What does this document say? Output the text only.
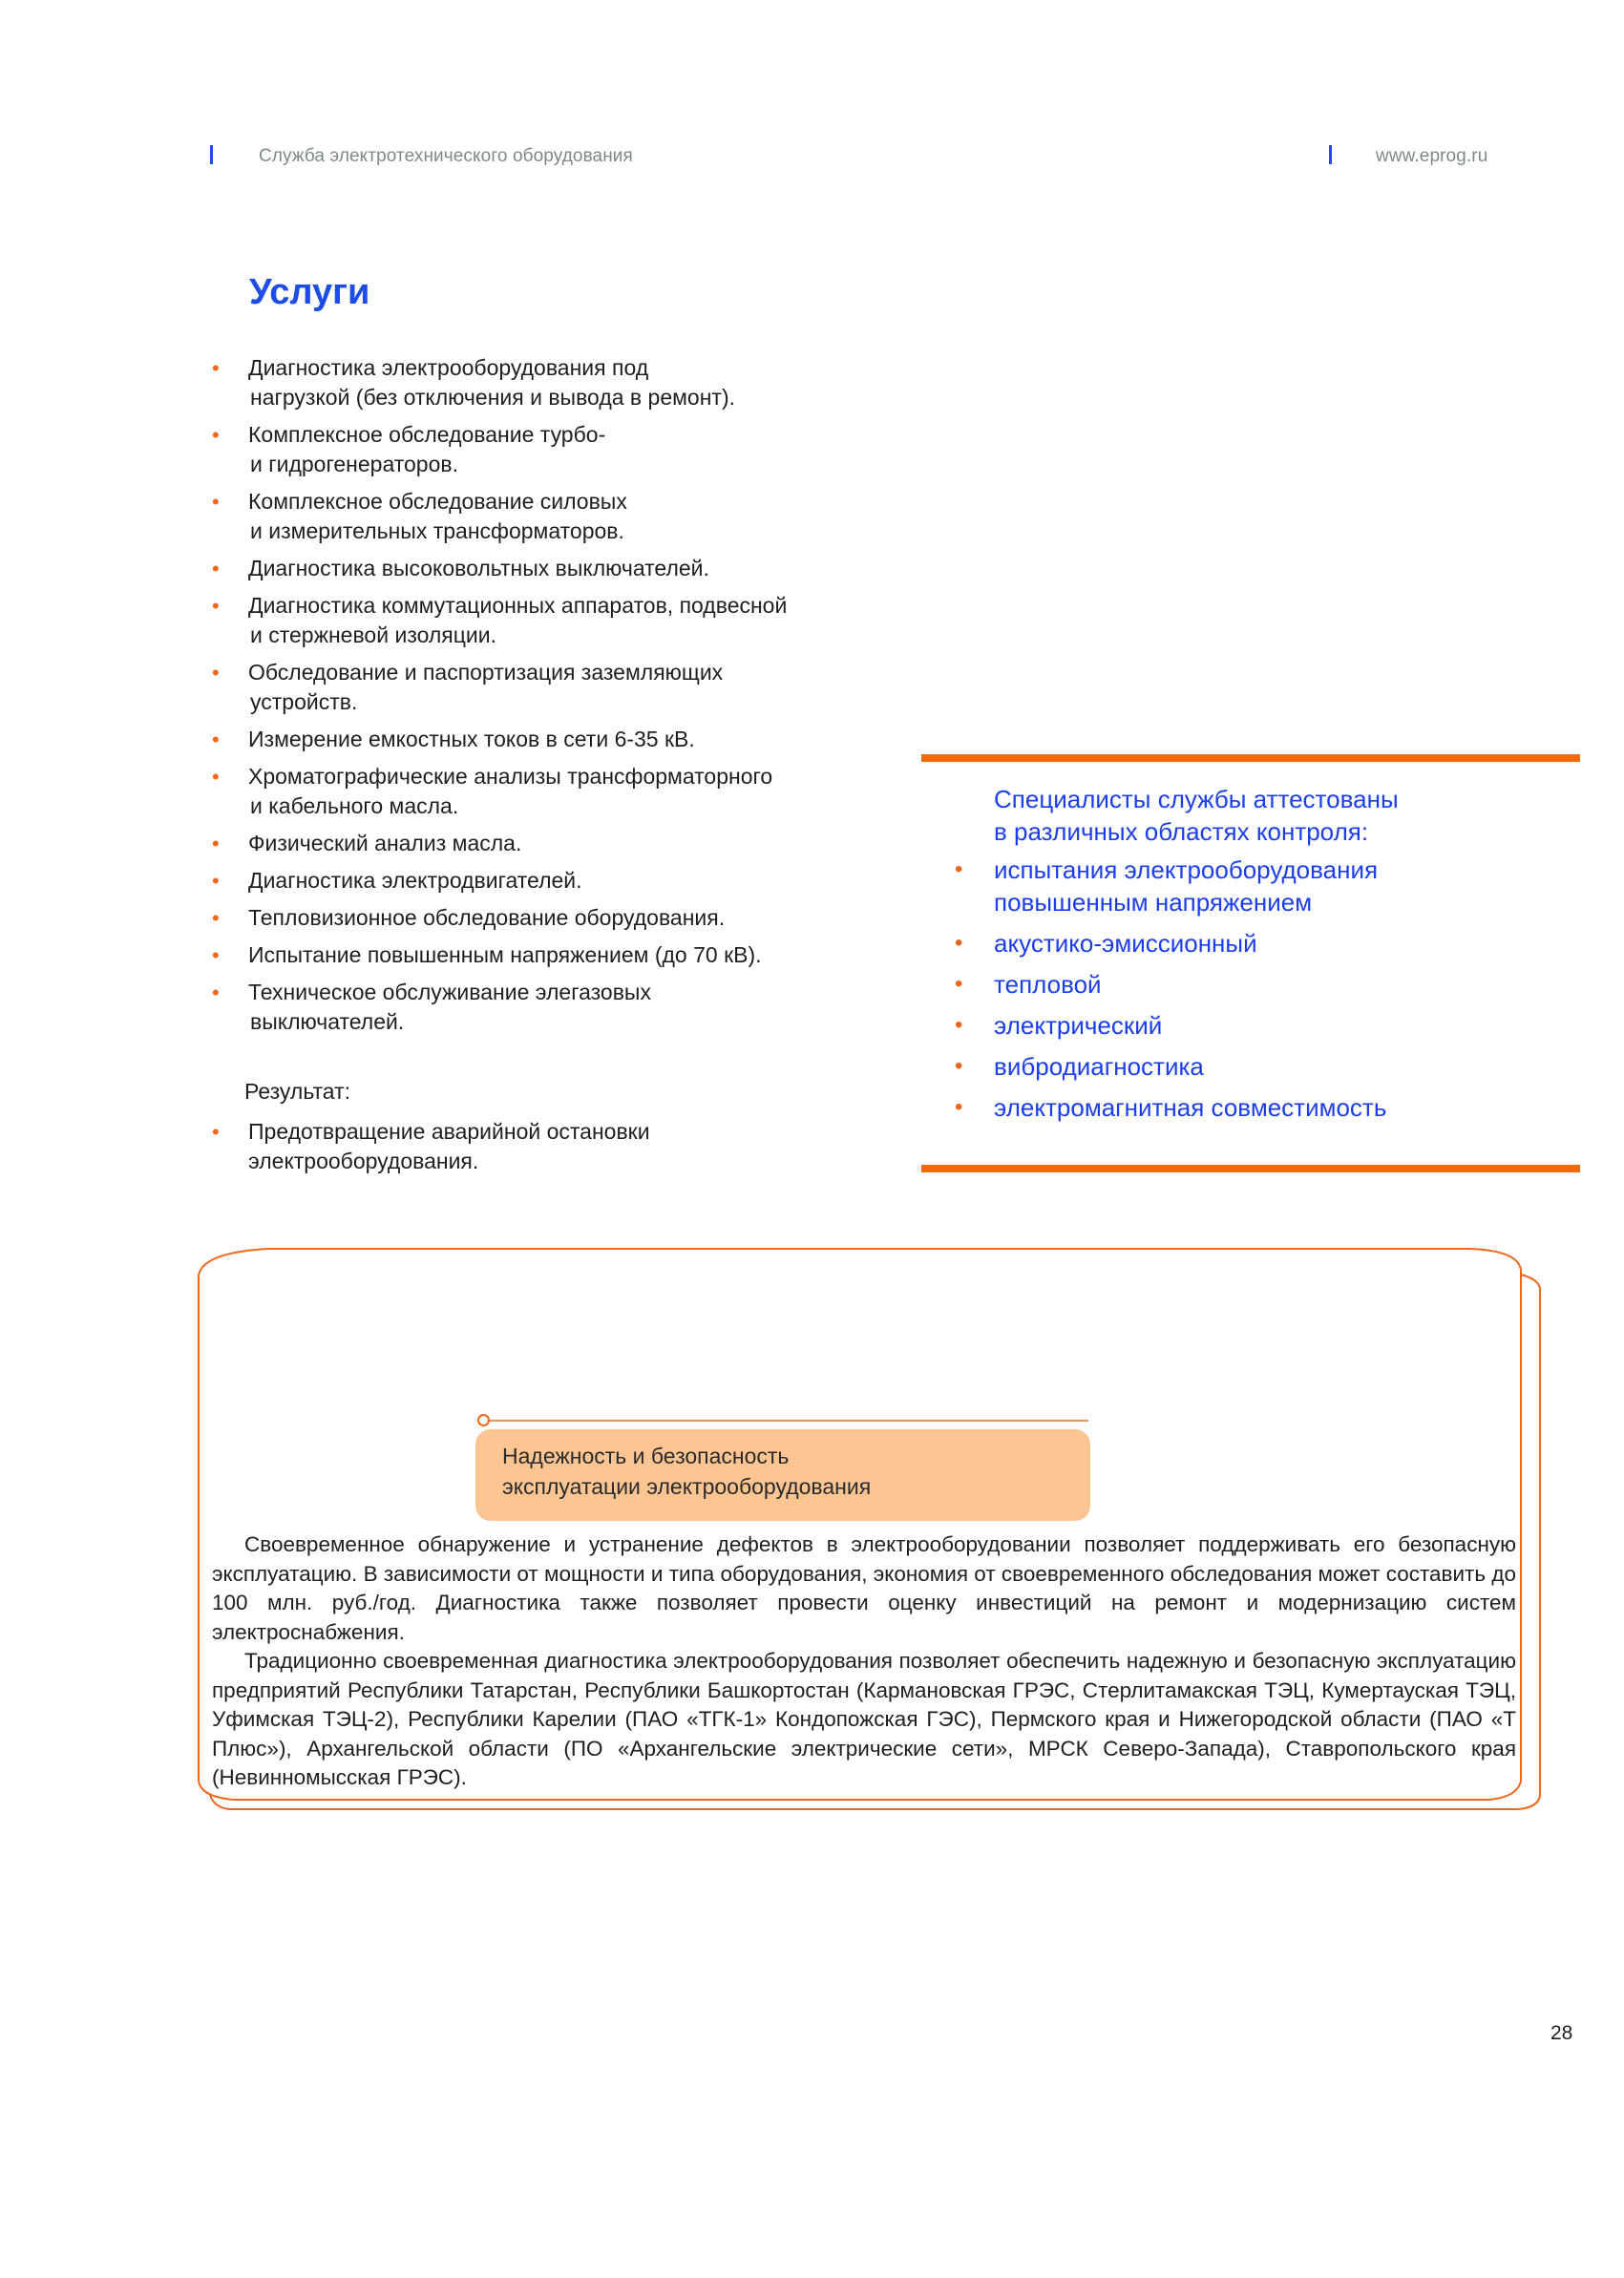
Служба электротехнического оборудования	www.eprog.ru
Услуги
• Диагностика электрооборудования под
нагрузкой (без отключения и вывода в ремонт).
• Комплексное обследование турбо-
и гидрогенераторов.
• Комплексное обследование силовых
и измерительных трансформаторов.
• Диагностика высоковольтных выключателей.
• Диагностика коммутационных аппаратов, подвесной
и стержневой изоляции.
• Обследование и паспортизация заземляющих
устройств.
• Измерение емкостных токов в сети 6-35 кВ.
• Хроматографические анализы трансформаторного
и кабельного масла.
• Физический анализ масла.
• Диагностика электродвигателей.
• Тепловизионное обследование оборудования.
• Испытание повышенным напряжением (до 70 кВ).
• Техническое обслуживание элегазовых
выключателей.
Результат:
• Предотвращение аварийной остановки
электрооборудования.
Специалисты службы аттестованы
в различных областях контроля:
• испытания электрооборудования
повышенным напряжением
• акустико-эмиссионный
• тепловой
• электрический
• вибродиагностика
• электромагнитная совместимость
Надежность и безопасность
эксплуатации электрооборудования

Своевременное обнаружение и устранение дефектов в электрооборудовании позволяет поддерживать его безопасную эксплуатацию. В зависимости от мощности и типа оборудования, экономия от своевременного обследования может составить до 100 млн. руб./год. Диагностика также позволяет провести оценку инвестиций на ремонт и модернизацию систем электроснабжения.

Традиционно своевременная диагностика электрооборудования позволяет обеспечить надежную и безопасную эксплуатацию предприятий Республики Татарстан, Республики Башкортостан (Кармановская ГРЭС, Стерлитамакская ТЭЦ, Кумертауская ТЭЦ, Уфимская ТЭЦ-2), Республики Карелии (ПАО «ТГК-1» Кондопожская ГЭС), Пермского края и Нижегородской области (ПАО «Т Плюс»), Архангельской области (ПО «Архангельские электрические сети», МРСК Северо-Запада), Ставропольского края (Невинномысская ГРЭС).

28
